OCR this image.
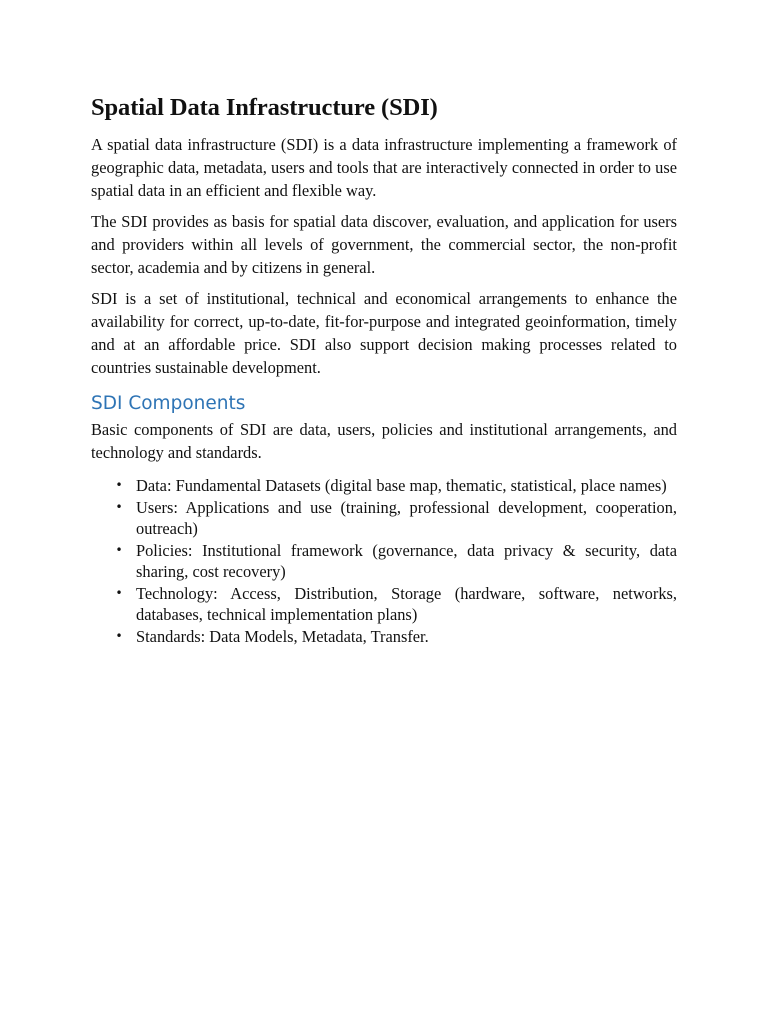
Spatial Data Infrastructure (SDI)

A spatial data infrastructure (SDI) is a data infrastructure implementing a framework of geographic data, metadata, users and tools that are interactively connected in order to use spatial data in an efficient and flexible way.

The SDI provides as basis for spatial data discover, evaluation, and application for users and providers within all levels of government, the commercial sector, the non-profit sector, academia and by citizens in general.

SDI is a set of institutional, technical and economical arrangements to enhance the availability for correct, up-to-date, fit-for-purpose and integrated geoinformation, timely and at an affordable price. SDI also support decision making processes related to countries sustainable development.

SDI Components

Basic components of SDI are data, users, policies and institutional arrangements, and technology and standards.

• Data: Fundamental Datasets (digital base map, thematic, statistical, place names)
• Users: Applications and use (training, professional development, cooperation, outreach)
• Policies: Institutional framework (governance, data privacy & security, data sharing, cost recovery)
• Technology: Access, Distribution, Storage (hardware, software, networks, databases, technical implementation plans)
• Standards: Data Models, Metadata, Transfer.
